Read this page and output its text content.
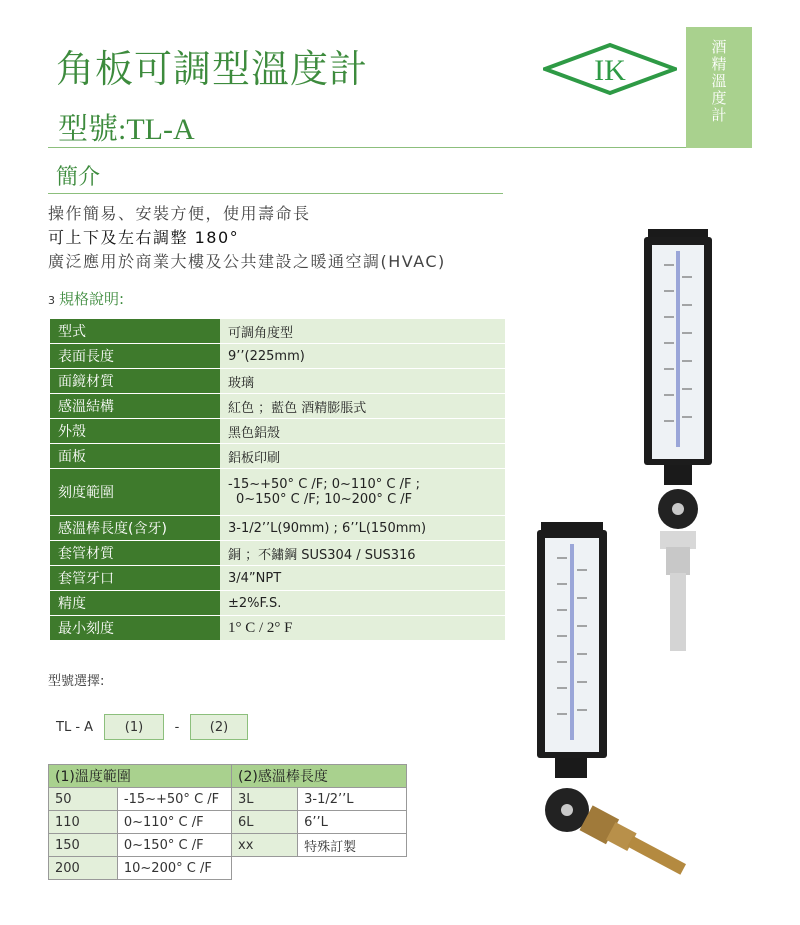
角板可調型溫度計
型號:TL-A
IK
酒
精
溫
度
計
簡介
操作簡易、安裝方便，使用壽命長
可上下及左右調整 180°
廣泛應用於商業大樓及公共建設之暖通空調(HVAC)
3 規格說明:
型式	可調角度型
表面長度	9’’(225mm)
面鏡材質	玻璃
感溫結構	紅色 ；藍色 酒精膨脹式
外殼	黑色鋁殼
面板	鋁板印刷
刻度範圍	-15~+50° C /F; 0~110° C /F ;
0~150° C /F; 10~200° C /F

感溫棒長度(含牙)	3-1/2’’L(90mm) ; 6’’L(150mm)
套管材質	銅 ；不鏽鋼 SUS304 / SUS316
套管牙口	3/4”NPT
精度	±2%F.S.
最小刻度	1° C / 2° F
型號選擇:
TL - A	(1)	-	(2)
(1)溫度範圍		(2)感溫棒長度	
50	-15~+50° C /F	3L	3-1/2’’L
110	0~110° C /F	6L	6’’L
150	0~150° C /F	xx	特殊訂製
200	10~200° C /F		
